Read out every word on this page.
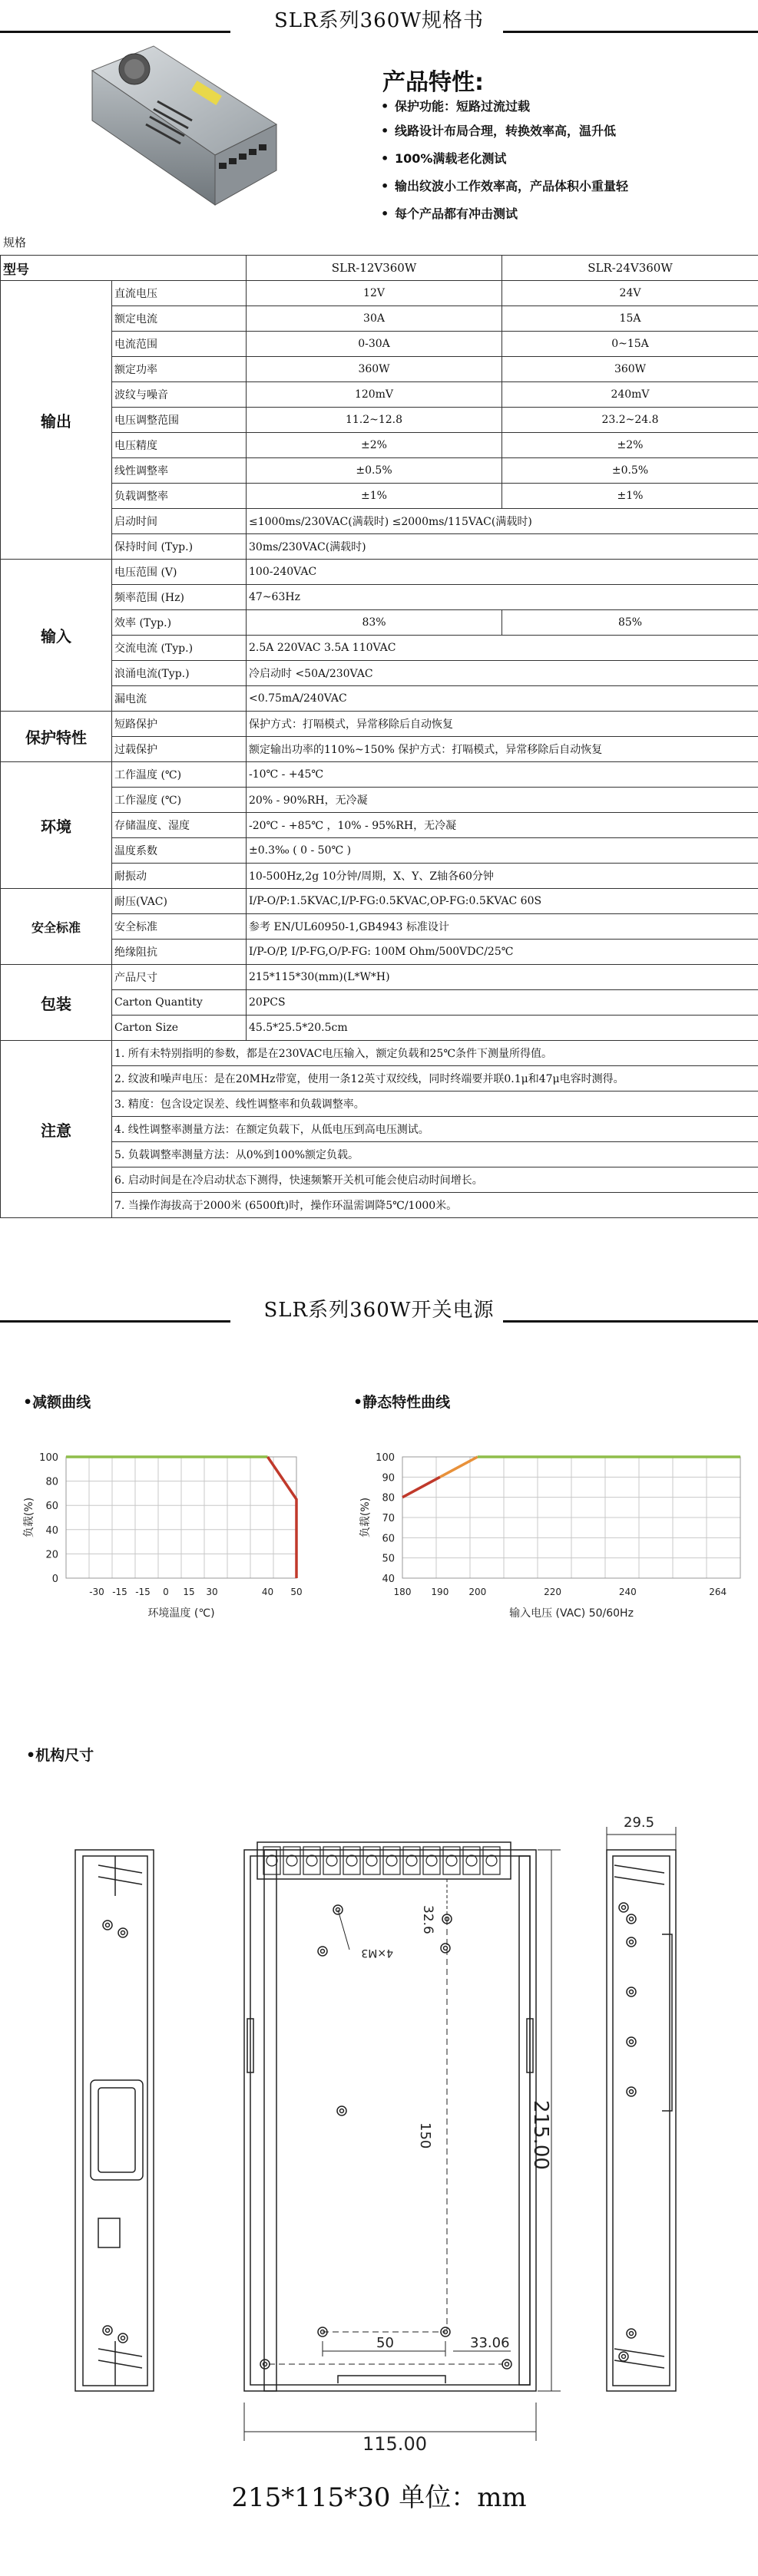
SLR系列360W规格书
产品特性:
• 保护功能：短路过流过载
• 线路设计布局合理，转换效率高，温升低
• 100%满载老化测试
• 输出纹波小工作效率高，产品体积小重量轻
• 每个产品都有冲击测试
规格
型号		SLR-12V360W	SLR-24V360W
输出	直流电压	12V	24V
	额定电流	30A	15A
	电流范围	0-30A	0~15A
	额定功率	360W	360W
	波纹与噪音	120mV	240mV
	电压调整范围	11.2~12.8	23.2~24.8
	电压精度	±2%	±2%
	线性调整率	±0.5%	±0.5%
	负载调整率	±1%	±1%
	启动时间	≤1000ms/230VAC(满载时) ≤2000ms/115VAC(满载时)	
	保持时间 (Typ.)	30ms/230VAC(满载时)	
输入	电压范围 (V)	100-240VAC	
	频率范围 (Hz)	47~63Hz	
	效率 (Typ.)	83%	85%
	交流电流 (Typ.)	2.5A 220VAC 3.5A 110VAC	
	浪涌电流(Typ.)	冷启动时 <50A/230VAC	
	漏电流	<0.75mA/240VAC	
保护特性	短路保护	保护方式：打嗝模式，异常移除后自动恢复	
	过载保护	额定输出功率的110%~150% 保护方式：打嗝模式，异常移除后自动恢复	
环境	工作温度 (℃)	-10℃ - +45℃	
	工作湿度 (℃)	20% - 90%RH，无冷凝	
	存储温度、湿度	-20℃ - +85℃ ，10% - 95%RH，无冷凝	
	温度系数	±0.3‰ ( 0 - 50℃ )	
	耐振动	10-500Hz,2g 10分钟/周期，X、Y、Z轴各60分钟	
安全标准	耐压(VAC)	I/P-O/P:1.5KVAC,I/P-FG:0.5KVAC,OP-FG:0.5KVAC 60S	
	安全标准	参考 EN/UL60950-1,GB4943 标准设计	
	绝缘阻抗	I/P-O/P, I/P-FG,O/P-FG: 100M Ohm/500VDC/25℃	
包装	产品尺寸	215*115*30(mm)(L*W*H)	
	Carton Quantity	20PCS	
	Carton Size	45.5*25.5*20.5cm	
注意	1. 所有未特别指明的参数，都是在230VAC电压输入，额定负载和25℃条件下测量所得值。		
	2. 纹波和噪声电压：是在20MHz带宽，使用一条12英寸双绞线，同时终端要并联0.1μ和47μ电容时测得。		
	3. 精度：包含设定误差、线性调整率和负载调整率。		
	4. 线性调整率测量方法：在额定负载下，从低电压到高电压测试。		
	5. 负载调整率测量方法：从0%到100%额定负载。		
	6. 启动时间是在冷启动状态下测得，快速频繁开关机可能会使启动时间增长。		
	7. 当操作海拔高于2000米 (6500ft)时，操作环温需调降5℃/1000米。		
SLR系列360W开关电源
•减额曲线	•静态特性曲线
0
20
40
60
80
100
-30 -15 -15 0 15 30	40 50
环境温度 (℃)
负载(%)
40
50
60
70
80
90
100
180 190 200	220	240	264
输入电压 (VAC) 50/60Hz
负载(%)
•机构尺寸
29.5
32.6
150	215.00
50	33.06
115.00
4×M3
215*115*30 单位：mm
